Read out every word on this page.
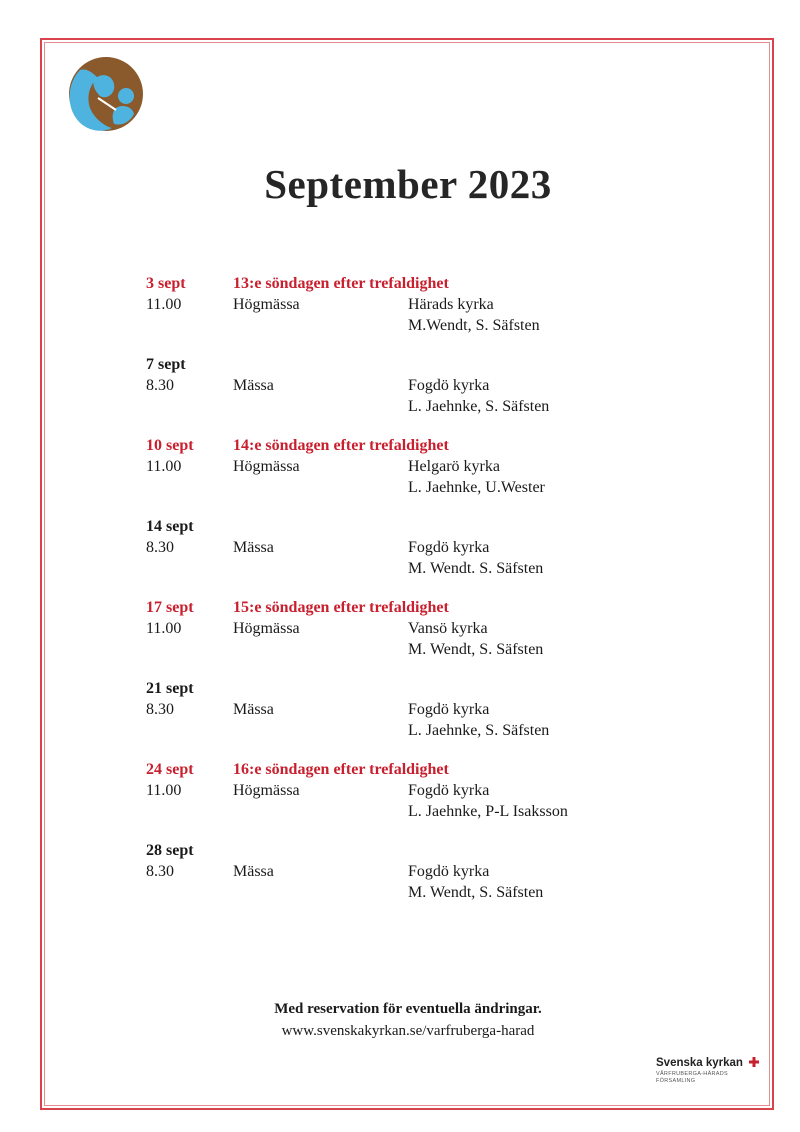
September 2023
3 sept	13:e söndagen efter trefaldighet
11.00	Högmässa	Härads kyrka
M.Wendt, S. Säfsten
7 sept
8.30	Mässa	Fogdö kyrka
L. Jaehnke, S. Säfsten
10 sept 14:e söndagen efter trefaldighet
11.00	Högmässa	Helgarö kyrka
L. Jaehnke, U.Wester
14 sept
8.30	Mässa	Fogdö kyrka
M. Wendt. S. Säfsten
17 sept 15:e söndagen efter trefaldighet
11.00	Högmässa	Vansö kyrka
M. Wendt, S. Säfsten
21 sept
8.30	Mässa	Fogdö kyrka
L. Jaehnke, S. Säfsten
24 sept 16:e söndagen efter trefaldighet
11.00	Högmässa	Fogdö kyrka
L. Jaehnke, P-L Isaksson
28 sept
8.30	Mässa	Fogdö kyrka
M. Wendt, S. Säfsten
Med reservation för eventuella ändringar.
www.svenskakyrkan.se/varfruberga-harad
Svenska kyrkan
VÅRFRUBERGA-HÄRADS
FÖRSAMLING
